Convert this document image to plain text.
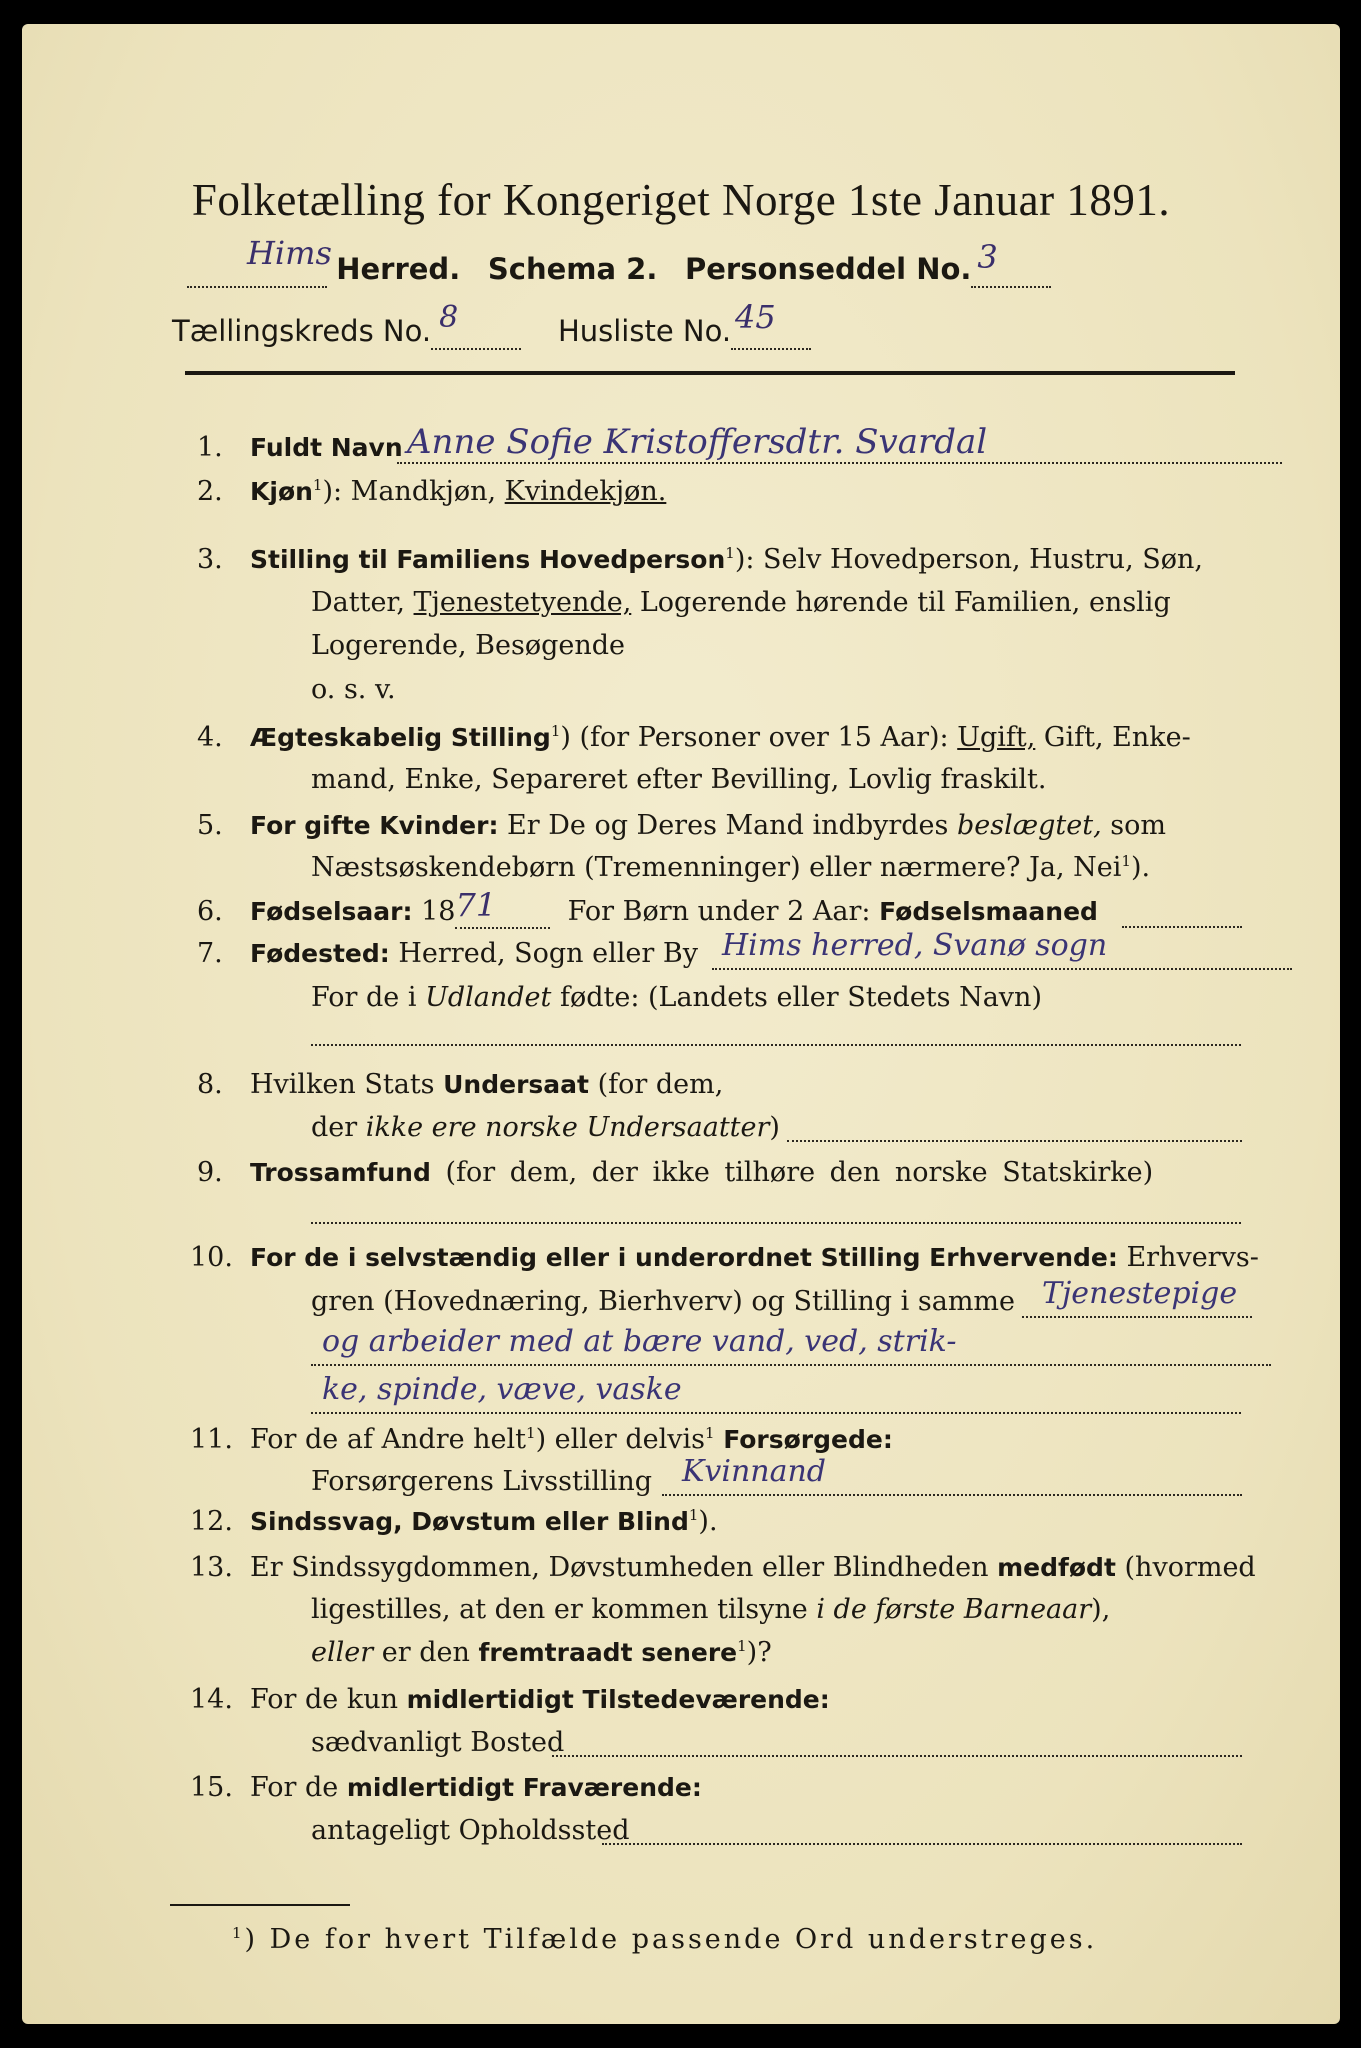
Folketælling for Kongeriget Norge 1ste Januar 1891.
Hims Herred. Schema 2. Personseddel No. 3

Tællingskreds No. 8	Husliste No. 45

1. Fuldt Navn Anne Sofie Kristoffersdtr. Svardal
2. Kjøn$^1$): Mandkjøn, Kvindekjøn.
3. Stilling til Familiens Hovedperson$^1$): Selv Hovedperson, Hustru, Søn,
Datter, Tjenestetyende, Logerende hørende til Familien, enslig
Logerende, Besøgende
o. s. v.
4. Ægteskabelig Stilling$^1$) (for Personer over 15 Aar): Ugift, Gift, Enke-
mand, Enke, Separeret efter Bevilling, Lovlig fraskilt.
5. For gifte Kvinder: Er De og Deres Mand indbyrdes beslægtet, som
Næstsøskendebørn (Tremenninger) eller nærmere? Ja, Nei$^1$).
6. Fødselsaar: 18 71	For Børn under 2 Aar: Fødselsmaaned
7. Fødested: Herred, Sogn eller By Hims herred, Svanø sogn
For de i Udlandet fødte: (Landets eller Stedets Navn)
8. Hvilken Stats Undersaat (for dem,
der ikke ere norske Undersaatter)
9. Trossamfund (for dem, der ikke tilhøre den norske Statskirke)
10. For de i selvstændig eller i underordnet Stilling Erhvervende: Erhvervs-
gren (Hovednæring, Bierhverv) og Stilling i samme Tjenestepige
og arbeider med at bære vand, ved, strik-
ke, spinde, væve, vaske
11. For de af Andre helt$^1$) eller delvis$^1$ Forsørgede:
Forsørgerens Livsstilling Kvinnand
12. Sindssvag, Døvstum eller Blind$^1$).
13. Er Sindssygdommen, Døvstumheden eller Blindheden medfødt (hvormed
ligestilles, at den er kommen tilsyne i de første Barneaar),
eller er den fremtraadt senere$^1$)?
14. For de kun midlertidigt Tilstedeværende:
sædvanligt Bosted
15. For de midlertidigt Fraværende:
antageligt Opholdssted
$^1$) De for hvert Tilfælde passende Ord understreges.
